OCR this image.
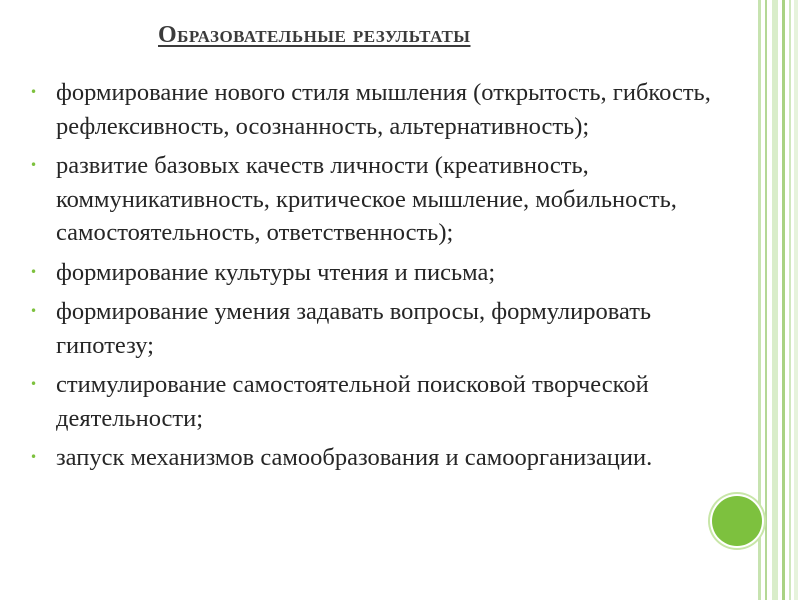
Образовательные результаты
• формирование нового стиля мышления (открытость, гибкость, рефлексивность, осознанность, альтернативность);
• развитие базовых качеств личности (креативность, коммуникативность, критическое мышление, мобильность, самостоятельность, ответственность);
• формирование культуры чтения и письма;
• формирование умения задавать вопросы, формулировать гипотезу;
• стимулирование самостоятельной поисковой творческой деятельности;
• запуск механизмов самообразования и самоорганизации.
